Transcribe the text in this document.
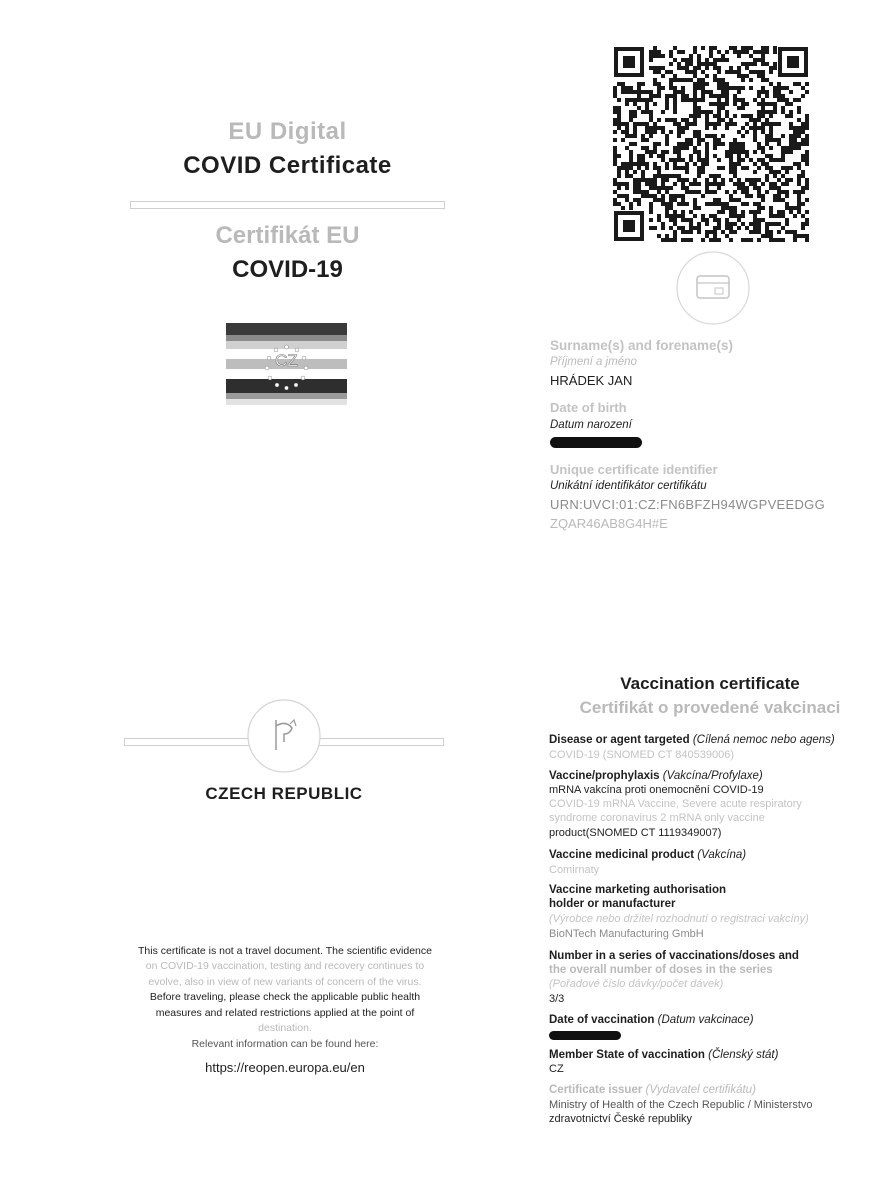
EU Digital
COVID Certificate
Certifikát EU
COVID-19
CZ
CZECH REPUBLIC
This certificate is not a travel document. The scientific evidence
on COVID-19 vaccination, testing and recovery continues to
evolve, also in view of new variants of concern of the virus.
Before traveling, please check the applicable public health
measures and related restrictions applied at the point of
destination.
Relevant information can be found here:
https://reopen.europa.eu/en
Surname(s) and forename(s)
Příjmení a jméno
HRÁDEK JAN
Date of birth
Datum narození
Unique certificate identifier
Unikátní identifikátor certifikátu
URN:UVCI:01:CZ:FN6BFZH94WGPVEEDGG
ZQAR46AB8G4H#E
Vaccination certificate
Certifikát o provedené vakcinaci
Disease or agent targeted (Cílená nemoc nebo agens)
COVID-19 (SNOMED CT 840539006)
Vaccine/prophylaxis (Vakcína/Profylaxe)
mRNA vakcína proti onemocnění COVID-19
COVID-19 mRNA Vaccine, Severe acute respiratory
syndrome coronavirus 2 mRNA only vaccine
product(SNOMED CT 1119349007)
Vaccine medicinal product (Vakcína)
Comirnaty
Vaccine marketing authorisation
holder or manufacturer
(Výrobce nebo držitel rozhodnutí o registraci vakcíny)
BioNTech Manufacturing GmbH
Number in a series of vaccinations/doses and
the overall number of doses in the series
(Pořadové číslo dávky/počet dávek)
3/3
Date of vaccination (Datum vakcinace)
Member State of vaccination (Členský stát)
CZ
Certificate issuer (Vydavatel certifikátu)
Ministry of Health of the Czech Republic / Ministerstvo
zdravotnictví České republiky
